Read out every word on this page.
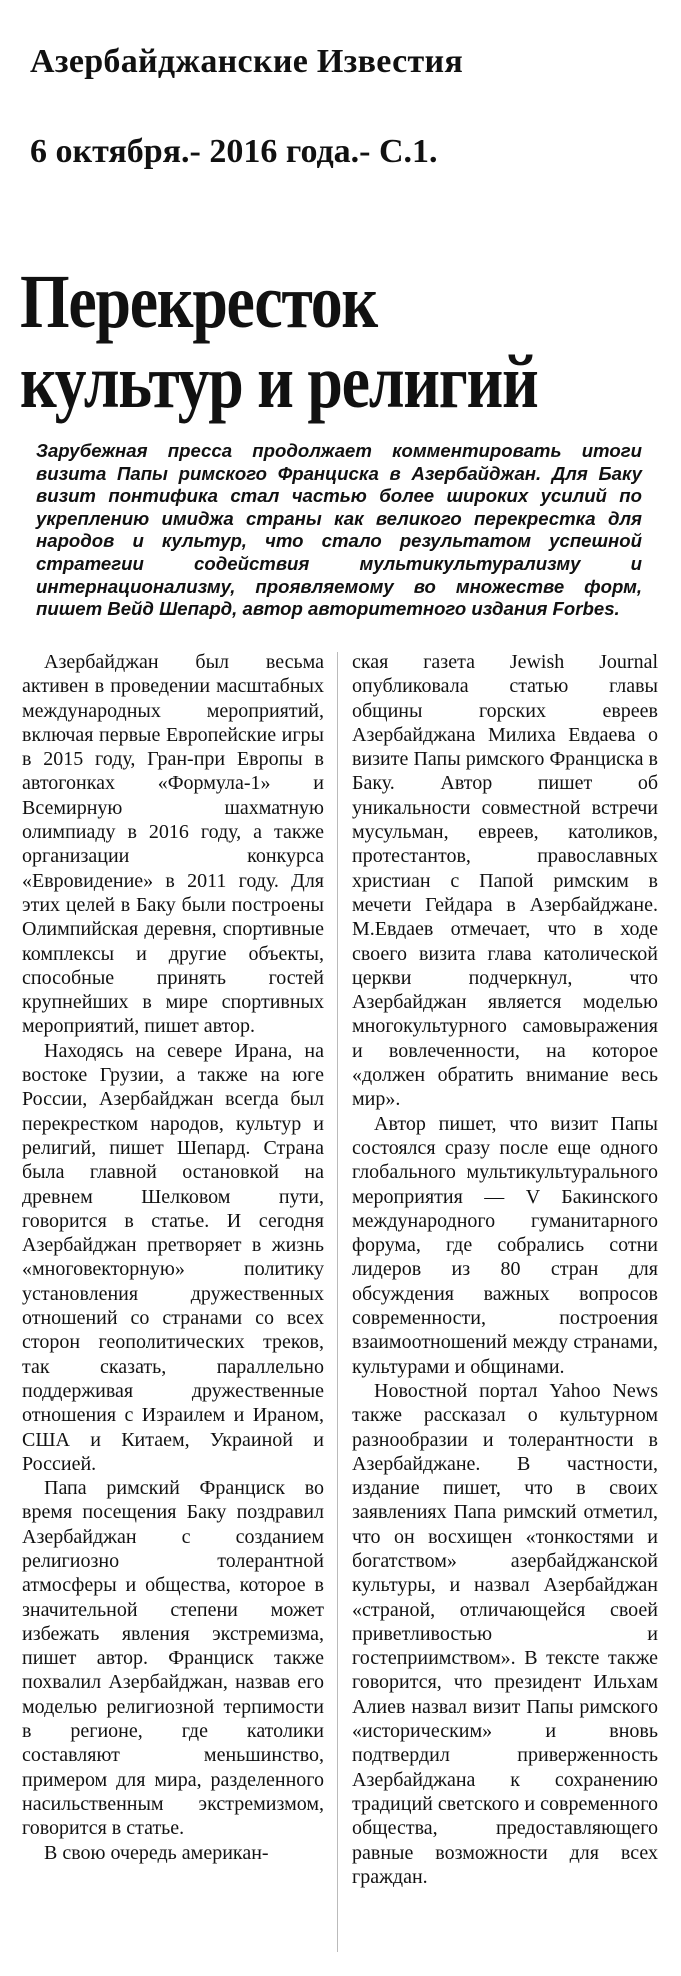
Азербайджанские Известия
6 октября.- 2016 года.- С.1.
Перекресток
культур и религий
Зарубежная пресса продолжает комментировать итоги визита Папы римского Франциска в Азербайджан. Для Баку визит понтифика стал частью более широких усилий по укреплению имиджа страны как великого перекрестка для народов и культур, что стало результатом успешной стратегии содействия мультикультурализму и интернационализму, проявляемому во множестве форм, пишет Вейд Шепард, автор авторитетного издания Forbes.

Азербайджан был весьма активен в проведении масштабных международных мероприятий, включая первые Европейские игры в 2015 году, Гран-при Европы в автогонках «Формула-1» и Всемирную шахматную олимпиаду в 2016 году, а также организации конкурса «Евровидение» в 2011 году. Для этих целей в Баку были построены Олимпийская деревня, спортивные комплексы и другие объекты, способные принять гостей крупнейших в мире спортивных мероприятий, пишет автор.

Находясь на севере Ирана, на востоке Грузии, а также на юге России, Азербайджан всегда был перекрестком народов, культур и религий, пишет Шепард. Страна была главной остановкой на древнем Шелковом пути, говорится в статье. И сегодня Азербайджан претворяет в жизнь «многовекторную» политику установления дружественных отношений со странами со всех сторон геополитических треков, так сказать, параллельно поддерживая дружественные отношения с Израилем и Ираном, США и Китаем, Украиной и Россией.

Папа римский Франциск во время посещения Баку поздравил Азербайджан с созданием религиозно толерантной атмосферы и общества, которое в значительной степени может избежать явления экстремизма, пишет автор. Франциск также похвалил Азербайджан, назвав его моделью религиозной терпимости в регионе, где католики составляют меньшинство, примером для мира, разделенного насильственным экстремизмом, говорится в статье.

В свою очередь американ-

ская газета Jewish Journal опубликовала статью главы общины горских евреев Азербайджана Милиха Евдаева о визите Папы римского Франциска в Баку. Автор пишет об уникальности совместной встречи мусульман, евреев, католиков, протестантов, православных христиан с Папой римским в мечети Гейдара в Азербайджане. М.Евдаев отмечает, что в ходе своего визита глава католической церкви подчеркнул, что Азербайджан является моделью многокультурного самовыражения и вовлеченности, на которое «должен обратить внимание весь мир».

Автор пишет, что визит Папы состоялся сразу после еще одного глобального мультикультурального мероприятия — V Бакинского международного гуманитарного форума, где собрались сотни лидеров из 80 стран для обсуждения важных вопросов современности, построения взаимоотношений между странами, культурами и общинами.

Новостной портал Yahoo News также рассказал о культурном разнообразии и толерантности в Азербайджане. В частности, издание пишет, что в своих заявлениях Папа римский отметил, что он восхищен «тонкостями и богатством» азербайджанской культуры, и назвал Азербайджан «страной, отличающейся своей приветливостью и гостеприимством». В тексте также говорится, что президент Ильхам Алиев назвал визит Папы римского «историческим» и вновь подтвердил приверженность Азербайджана к сохранению традиций светского и современного общества, предоставляющего равные возможности для всех граждан.
